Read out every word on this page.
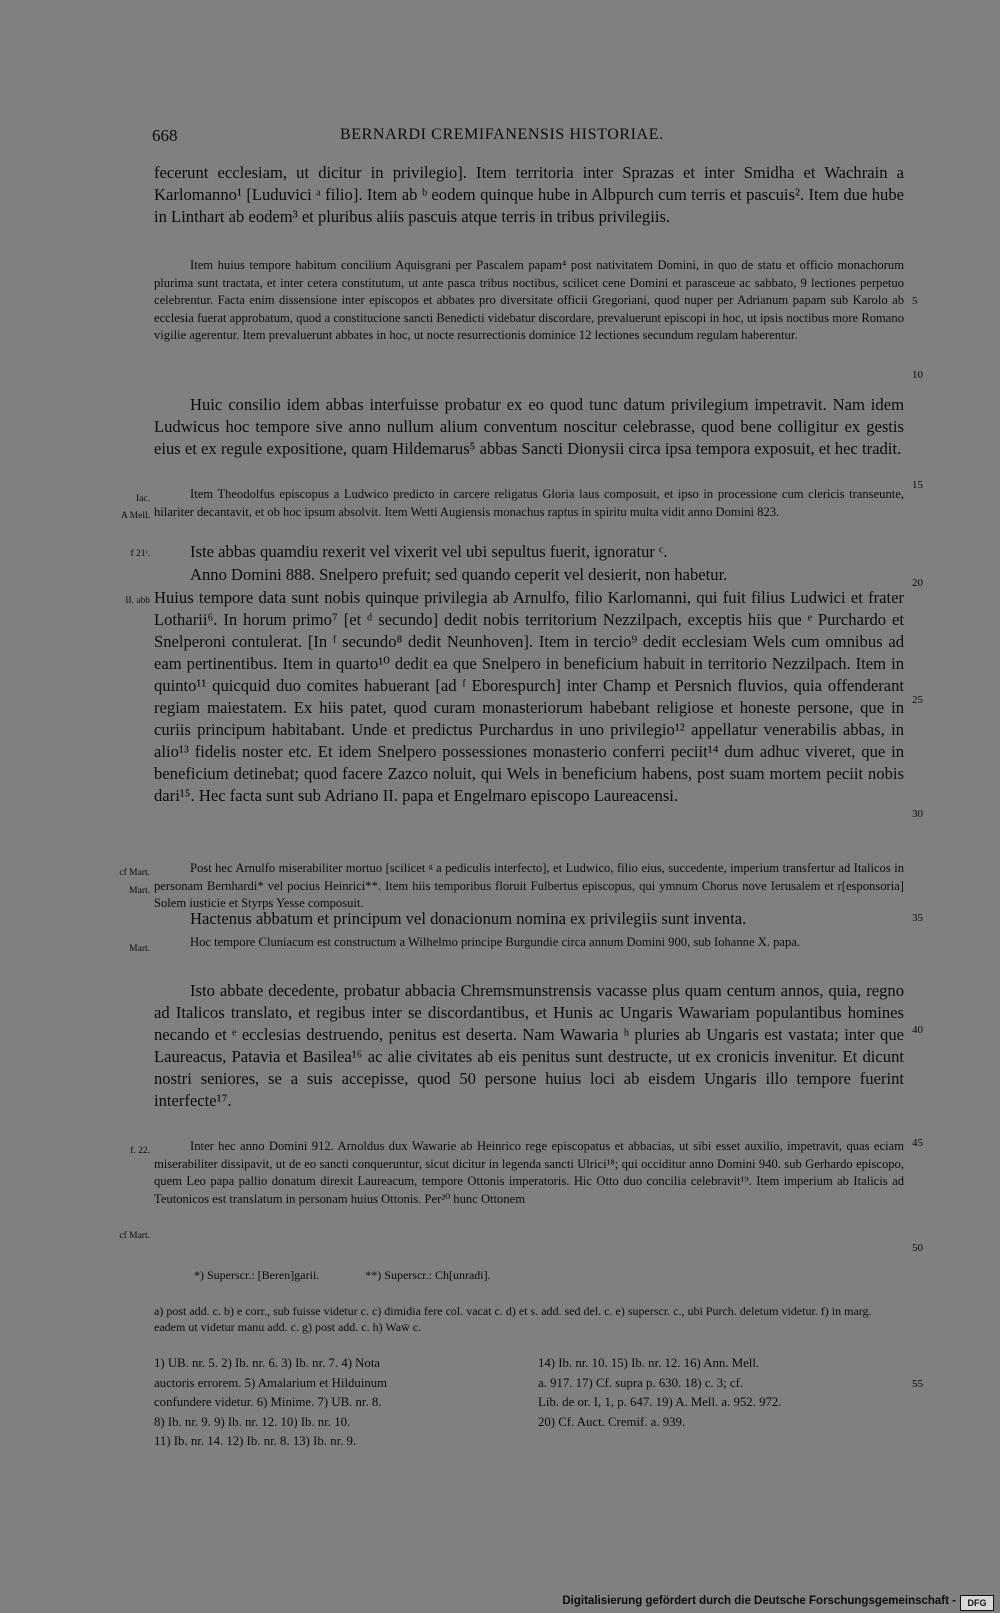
668	BERNARDI CREMIFANENSIS HISTORIAE.

fecerunt ecclesiam, ut dicitur in privilegio]. Item territoria inter Sprazas et inter Smidha et Wachrain a Karlomanno¹ [Luduvici ᵃ filio]. Item ab ᵇ eodem quinque hube in Albpurch cum terris et pascuis². Item due hube in Linthart ab eodem³ et pluribus aliis pascuis atque terris in tribus privilegiis.

Item huius tempore habitum concilium Aquisgrani per Pascalem papam⁴ post nativitatem Domini, in quo de statu et officio monachorum plurima sunt tractata, et inter cetera constitutum, ut ante pasca tribus noctibus, scilicet cene Domini et parasceue ac sabbato, 9 lectiones perpetuo celebrentur. Facta enim dissensione inter episcopos et abbates pro diversitate officii Gregoriani, quod nuper per Adrianum papam sub Karolo ab ecclesia fuerat approbatum, quod a constitucione sancti Benedicti videbatur discordare, prevaluerunt episcopi in hoc, ut ipsis noctibus more Romano vigilie agerentur. Item prevaluerunt abbates in hoc, ut nocte resurrectionis dominice 12 lectiones secundum regulam haberentur.

Huic consilio idem abbas interfuisse probatur ex eo quod tunc datum privilegium impetravit. Nam idem Ludwicus hoc tempore sive anno nullum alium conventum noscitur celebrasse, quod bene colligitur ex gestis eius et ex regule expositione, quam Hildemarus⁵ abbas Sancti Dionysii circa ipsa tempora exposuit, et hec tradit.

Item Theodolfus episcopus a Ludwico predicto in carcere religatus Gloria laus composuit, et ipso in processione cum clericis transeunte, hilariter decantavit, et ob hoc ipsum absolvit. Item Wetti Augiensis monachus raptus in spiritu multa vidit anno Domini 823.

Iste abbas quamdiu rexerit vel vixerit vel ubi sepultus fuerit, ignoratur ᶜ.

Anno Domini 888. Snelpero prefuit; sed quando ceperit vel desierit, non habetur.

Huius tempore data sunt nobis quinque privilegia ab Arnulfo, filio Karlomanni, qui fuit filius Ludwici et frater Lotharii⁶. In horum primo⁷ [et ᵈ secundo] dedit nobis territorium Nezzilpach, exceptis hiis que ᵉ Purchardo et Snelperoni contulerat. [In ᶠ secundo⁸ dedit Neunhoven]. Item in tercio⁹ dedit ecclesiam Wels cum omnibus ad eam pertinentibus. Item in quarto¹⁰ dedit ea que Snelpero in beneficium habuit in territorio Nezzilpach. Item in quinto¹¹ quicquid duo comites habuerant [ad ᶠ Eborespurch] inter Champ et Persnich fluvios, quia offenderant regiam maiestatem. Ex hiis patet, quod curam monasteriorum habebant religiose et honeste persone, que in curiis principum habitabant. Unde et predictus Purchardus in uno privilegio¹² appellatur venerabilis abbas, in alio¹³ fidelis noster etc. Et idem Snelpero possessiones monasterio conferri peciit¹⁴ dum adhuc viveret, que in beneficium detinebat; quod facere Zazco noluit, qui Wels in beneficium habens, post suam mortem peciit nobis dari¹⁵. Hec facta sunt sub Adriano II. papa et Engelmaro episcopo Laureacensi.

Post hec Arnulfo miserabiliter mortuo [scilicet ᵍ a pediculis interfecto], et Ludwico, filio eius, succedente, imperium transfertur ad Italicos in personam Bernhardi* vel pocius Heinrici**. Item hiis temporibus floruit Fulbertus episcopus, qui ymnum Chorus nove Ierusalem et r[esponsoria] Solem iusticie et Styrps Yesse composuit.

Hactenus abbatum et principum vel donacionum nomina ex privilegiis sunt inventa.

Hoc tempore Cluniacum est constructum a Wilhelmo principe Burgundie circa annum Domini 900, sub Iohanne X. papa.

Isto abbate decedente, probatur abbacia Chremsmunstrensis vacasse plus quam centum annos, quia, regno ad Italicos translato, et regibus inter se discordantibus, et Hunis ac Ungaris Wawariam populantibus homines necando et ᵉ ecclesias destruendo, penitus est deserta. Nam Wawaria ʰ pluries ab Ungaris est vastata; inter que Laureacus, Patavia et Basilea¹⁶ ac alie civitates ab eis penitus sunt destructe, ut ex cronicis invenitur. Et dicunt nostri seniores, se a suis accepisse, quod 50 persone huius loci ab eisdem Ungaris illo tempore fuerint interfecte¹⁷.

Inter hec anno Domini 912. Arnoldus dux Wawarie ab Heinrico rege episcopatus et abbacias, ut sibi esset auxilio, impetravit, quas eciam miserabiliter dissipavit, ut de eo sancti conqueruntur, sicut dicitur in legenda sancti Ulrici¹⁸; qui occiditur anno Domini 940. sub Gerhardo episcopo, quem Leo papa pallio donatum direxit Laureacum, tempore Ottonis imperatoris. Hic Otto duo concilia celebravit¹⁹. Item imperium ab Italicis ad Teutonicos est translatum in personam huius Ottonis. Per²⁰ hunc Ottonem

Iac.
A Mell.
f 21ʳ.
II. abb
cf Mart.
Mart.
Mart.
f. 22.
cf Mart.
5
10
15
20
25
30
35
40
45
50
55

*) Superscr.: [Beren]garii.	**) Superscr.: Ch[unradi].

a) post add. c. b) e corr., sub fuisse videtur c. c) dimidia fere col. vacat c. d) et s. add. sed del. c. e) superscr. c., ubi Purch. deletum videtur. f) in marg. eadem ut videtur manu add. c. g) post add. c. h) Waw̄ c.

1) UB. nr. 5. 2) Ib. nr. 6. 3) Ib. nr. 7. 4) Nota
auctoris errorem. 5) Amalarium et Hilduinum
confundere videtur. 6) Minime. 7) UB. nr. 8.
8) Ib. nr. 9. 9) Ib. nr. 12. 10) Ib. nr. 10.
11) Ib. nr. 14. 12) Ib. nr. 8. 13) Ib. nr. 9.
14) Ib. nr. 10. 15) Ib. nr. 12. 16) Ann. Mell.
a. 917. 17) Cf. supra p. 630. 18) c. 3; cf.
Lib. de or. I, 1, p. 647. 19) A. Mell. a. 952. 972.
20) Cf. Auct. Cremif. a. 939.
Digitalisierung gefördert durch die Deutsche Forschungsgemeinschaft -	DFG
